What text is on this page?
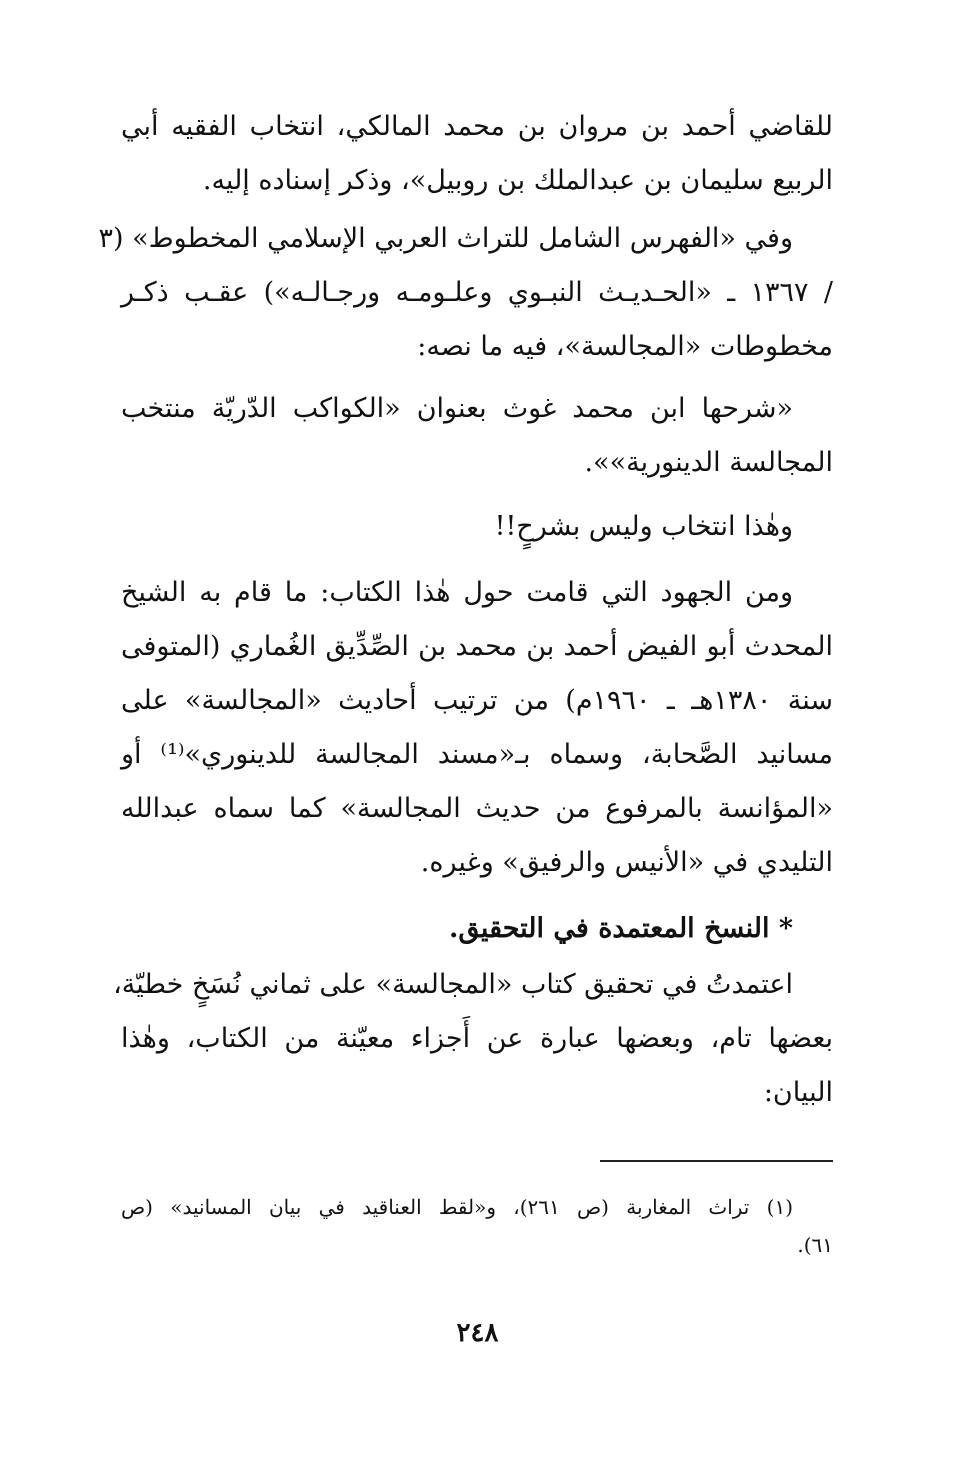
للقاضي أحمد بن مروان بن محمد المالكي، انتخاب الفقيه أبي
الربيع سليمان بن عبدالملك بن روبيل»، وذكر إسناده إليه.
وفي «الفهرس الشامل للتراث العربي الإسلامي المخطوط» (٣
/ ١٣٦٧ ـ «الحـديـث النبـوي وعلـومـه ورجـالـه») عقـب ذكـر
مخطوطات «المجالسة»، فيه ما نصه:
«شرحها ابن محمد غوث بعنوان «الكواكب الدّريّة منتخب
المجالسة الدينورية»».
وهٰذا انتخاب وليس بشرحٍ!!
ومن الجهود التي قامت حول هٰذا الكتاب: ما قام به الشيخ
المحدث أبو الفيض أحمد بن محمد بن الصِّدِّيق الغُماري (المتوفى
سنة ١٣٨٠هـ ـ ١٩٦٠م) من ترتيب أحاديث «المجالسة» على
مسانيد الصَّحابة، وسماه بـ«مسند المجالسة للدينوري»⁽¹⁾ أو
«المؤانسة بالمرفوع من حديث المجالسة» كما سماه عبدالله
التليدي في «الأنيس والرفيق» وغيره.
* النسخ المعتمدة في التحقيق.
اعتمدتُ في تحقيق كتاب «المجالسة» على ثماني نُسَخٍ خطيّة،
بعضها تام، وبعضها عبارة عن أَجزاء معيّنة من الكتاب، وهٰذا
البيان:
(١) تراث المغاربة (ص ٢٦١)، و«لقط العناقيد في بيان المسانيد» (ص
٦١).
٢٤٨
